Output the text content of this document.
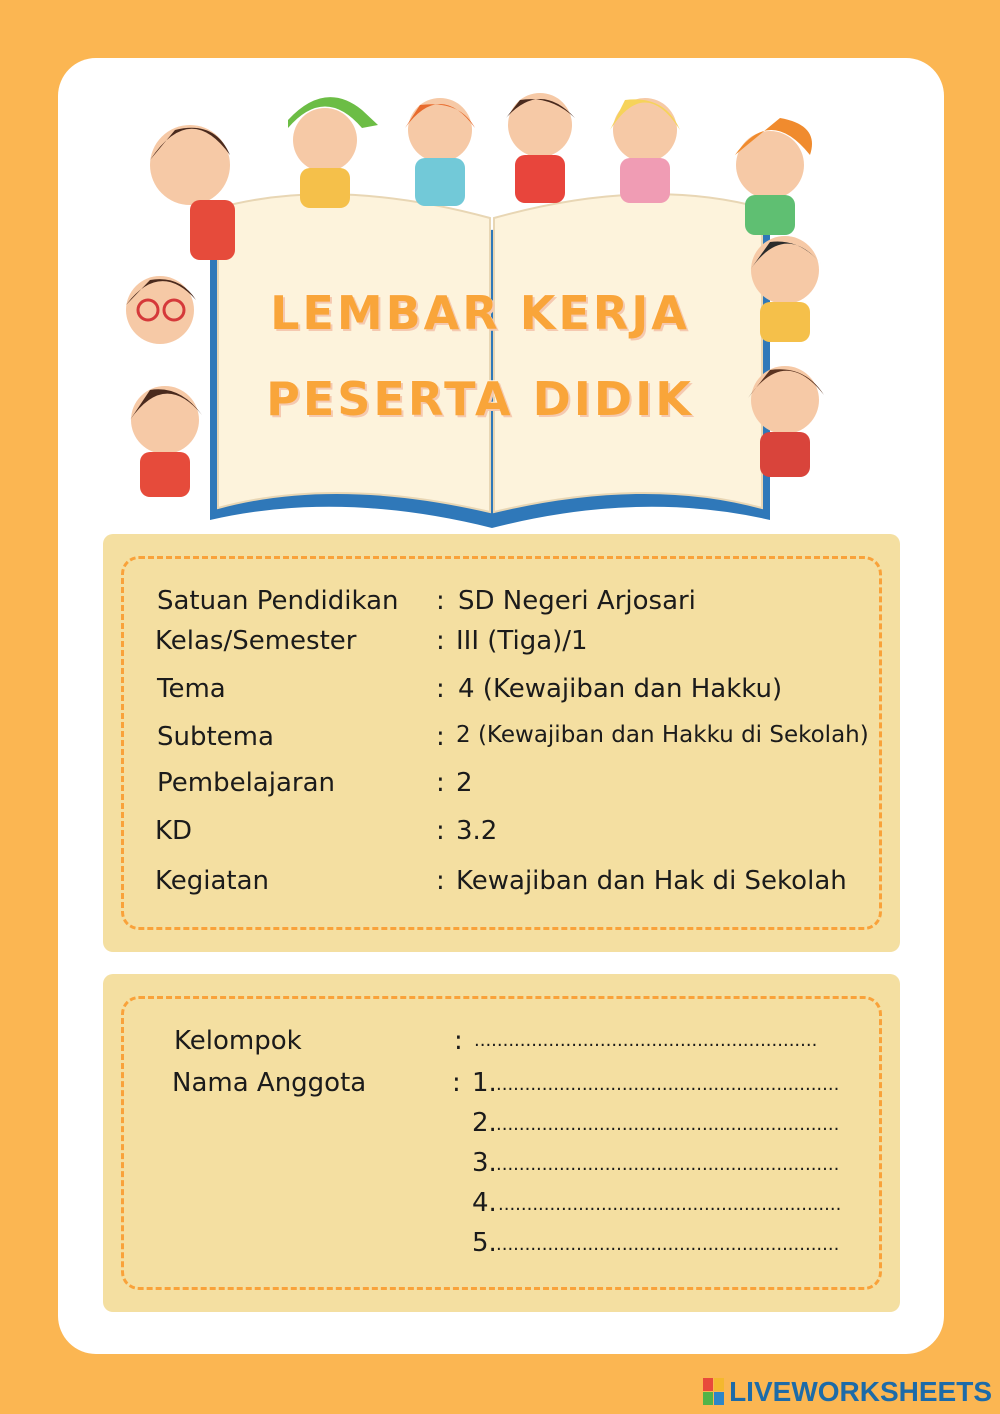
LEMBAR KERJA
PESERTA DIDIK
Satuan Pendidikan : SD Negeri Arjosari
Kelas/Semester	: III (Tiga)/1
Tema	: 4 (Kewajiban dan Hakku)
Subtema	: 2 (Kewajiban dan Hakku di Sekolah)
Pembelajaran	: 2
KD	: 3.2
Kegiatan	: Kewajiban dan Hak di Sekolah
Kelompok	: ............................................................
Nama Anggota	: 1. ............................................................
2. ............................................................
3. ............................................................
4. ............................................................
5. ............................................................
LIVEWORKSHEETS
